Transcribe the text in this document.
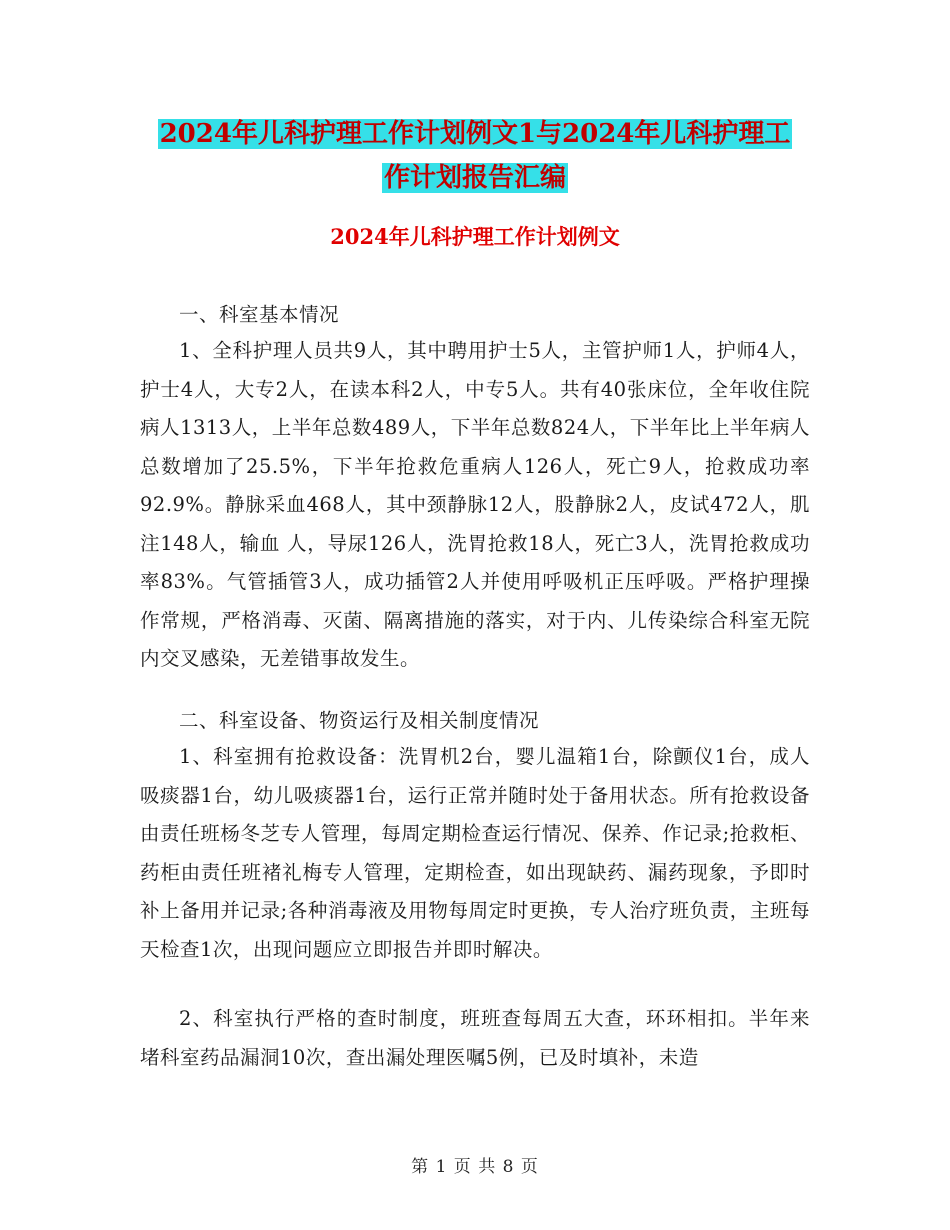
2024年儿科护理工作计划例文1与2024年儿科护理工
作计划报告汇编
2024年儿科护理工作计划例文

一、科室基本情况

1、全科护理人员共9人，其中聘用护士5人，主管护师1人，护师4人，护士4人，大专2人，在读本科2人，中专5人。共有40张床位，全年收住院病人1313人，上半年总数489人，下半年总数824人，下半年比上半年病人总数增加了25.5%，下半年抢救危重病人126人，死亡9人，抢救成功率92.9%。静脉采血468人，其中颈静脉12人，股静脉2人，皮试472人，肌注148人，输血 人，导尿126人，洗胃抢救18人，死亡3人，洗胃抢救成功率83%。气管插管3人，成功插管2人并使用呼吸机正压呼吸。严格护理操作常规，严格消毒、灭菌、隔离措施的落实，对于内、儿传染综合科室无院内交叉感染，无差错事故发生。

二、科室设备、物资运行及相关制度情况

1、科室拥有抢救设备：洗胃机2台，婴儿温箱1台，除颤仪1台，成人吸痰器1台，幼儿吸痰器1台，运行正常并随时处于备用状态。所有抢救设备由责任班杨冬芝专人管理，每周定期检查运行情况、保养、作记录;抢救柜、药柜由责任班褚礼梅专人管理，定期检查，如出现缺药、漏药现象，予即时补上备用并记录;各种消毒液及用物每周定时更换，专人治疗班负责，主班每天检查1次，出现问题应立即报告并即时解决。

2、科室执行严格的查时制度，班班查每周五大查，环环相扣。半年来堵科室药品漏洞10次，查出漏处理医嘱5例，已及时填补，未造

第 1 页 共 8 页
